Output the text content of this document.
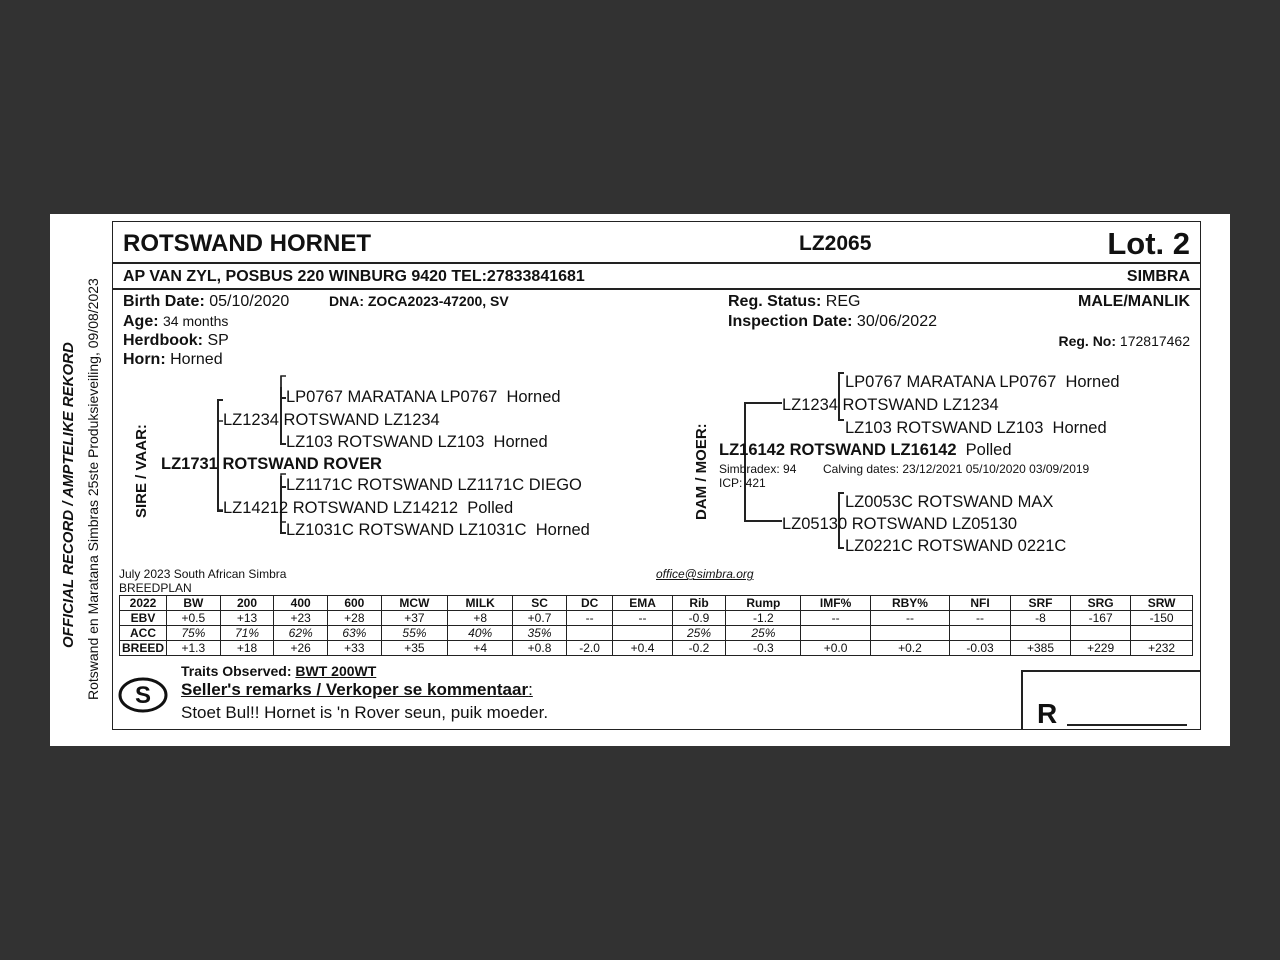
OFFICIAL RECORD / AMPTELIKE REKORD Rotswand en Maratana Simbras 25ste Produksieveiling, 09/08/2023
ROTSWAND HORNET	LZ2065	Lot. 2
AP VAN ZYL, POSBUS 220 WINBURG 9420 TEL:27833841681	SIMBRA
Birth Date: 05/10/2020	DNA: ZOCA2023-47200, SV
Age: 34 months
Herdbook: SP
Horn: Horned
Reg. Status: REG
Inspection Date: 30/06/2022
MALE/MANLIK
Reg. No: 172817462
SIRE / VAAR:
LP0767 MARATANA LP0767 Horned
LZ1234 ROTSWAND LZ1234
LZ103 ROTSWAND LZ103 Horned
LZ1731 ROTSWAND ROVER
LZ1171C ROTSWAND LZ1171C DIEGO
LZ14212 ROTSWAND LZ14212 Polled
LZ1031C ROTSWAND LZ1031C Horned
DAM / MOER:
LP0767 MARATANA LP0767 Horned
LZ1234 ROTSWAND LZ1234
LZ103 ROTSWAND LZ103 Horned
LZ16142 ROTSWAND LZ16142 Polled
Simbradex: 94 Calving dates: 23/12/2021 05/10/2020 03/09/2019
ICP: 421
LZ0053C ROTSWAND MAX
LZ05130 ROTSWAND LZ05130
LZ0221C ROTSWAND 0221C
July 2023 South African Simbra
BREEDPLAN
office@simbra.org
2022	BW	200	400	600	MCW	MILK	SC	DC	EMA	Rib	Rump	IMF%	RBY%	NFI	SRF	SRG	SRW
EBV	+0.5	+13	+23	+28	+37	+8	+0.7	--	--	-0.9	-1.2	--	--	--	-8	-167	-150
ACC	75%	71%	62%	63%	55%	40%	35%			25%	25%						
BREED	+1.3	+18	+26	+33	+35	+4	+0.8	-2.0	+0.4	-0.2	-0.3	+0.0	+0.2	-0.03	+385	+229	+232
S
Traits Observed: BWT 200WT
Seller's remarks / Verkoper se kommentaar:
Stoet Bul!! Hornet is 'n Rover seun, puik moeder.	R
